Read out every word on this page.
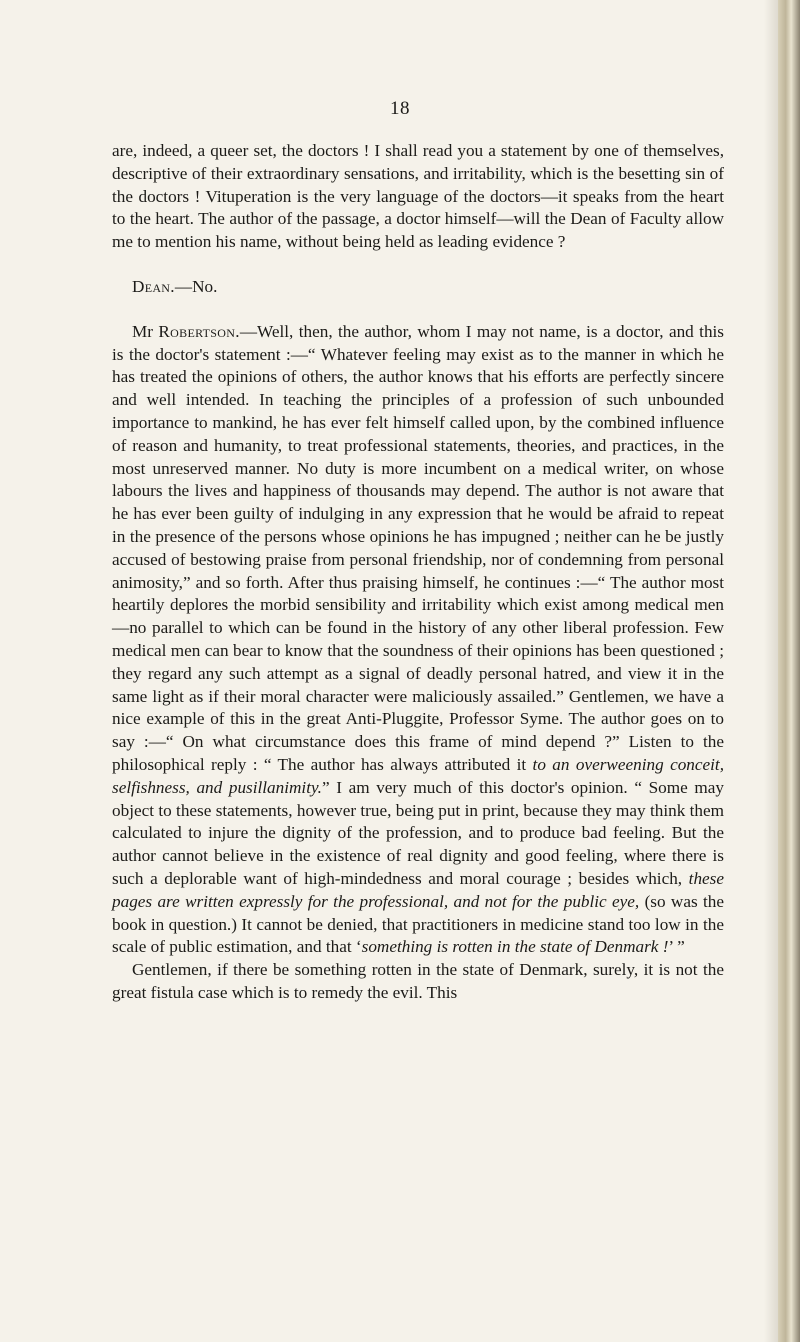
18

are, indeed, a queer set, the doctors ! I shall read you a statement by one of themselves, descriptive of their extraordinary sensations, and irritability, which is the besetting sin of the doctors ! Vituperation is the very language of the doctors—it speaks from the heart to the heart. The author of the passage, a doctor himself—will the Dean of Faculty allow me to mention his name, without being held as leading evidence ?

Dean.—No.

Mr Robertson.—Well, then, the author, whom I may not name, is a doctor, and this is the doctor's statement :—“ Whatever feeling may exist as to the manner in which he has treated the opinions of others, the author knows that his efforts are perfectly sincere and well intended. In teaching the principles of a profession of such unbounded importance to mankind, he has ever felt himself called upon, by the combined influence of reason and humanity, to treat professional statements, theories, and practices, in the most unreserved manner. No duty is more incumbent on a medical writer, on whose labours the lives and happiness of thousands may depend. The author is not aware that he has ever been guilty of indulging in any expression that he would be afraid to repeat in the presence of the persons whose opinions he has impugned ; neither can he be justly accused of bestowing praise from personal friendship, nor of condemning from personal animosity,” and so forth. After thus praising himself, he continues :—“ The author most heartily deplores the morbid sensibility and irritability which exist among medical men—no parallel to which can be found in the history of any other liberal profession. Few medical men can bear to know that the soundness of their opinions has been questioned ; they regard any such attempt as a signal of deadly personal hatred, and view it in the same light as if their moral character were maliciously assailed.” Gentlemen, we have a nice example of this in the great Anti-Pluggite, Professor Syme. The author goes on to say :—“ On what circumstance does this frame of mind depend ?” Listen to the philosophical reply : “ The author has always attributed it to an overweening conceit, selfishness, and pusillanimity.” I am very much of this doctor's opinion. “ Some may object to these statements, however true, being put in print, because they may think them calculated to injure the dignity of the profession, and to produce bad feeling. But the author cannot believe in the existence of real dignity and good feeling, where there is such a deplorable want of high-mindedness and moral courage ; besides which, these pages are written expressly for the professional, and not for the public eye, (so was the book in question.) It cannot be denied, that practitioners in medicine stand too low in the scale of public estimation, and that ‘something is rotten in the state of Denmark !’ ”

Gentlemen, if there be something rotten in the state of Denmark, surely, it is not the great fistula case which is to remedy the evil. This
